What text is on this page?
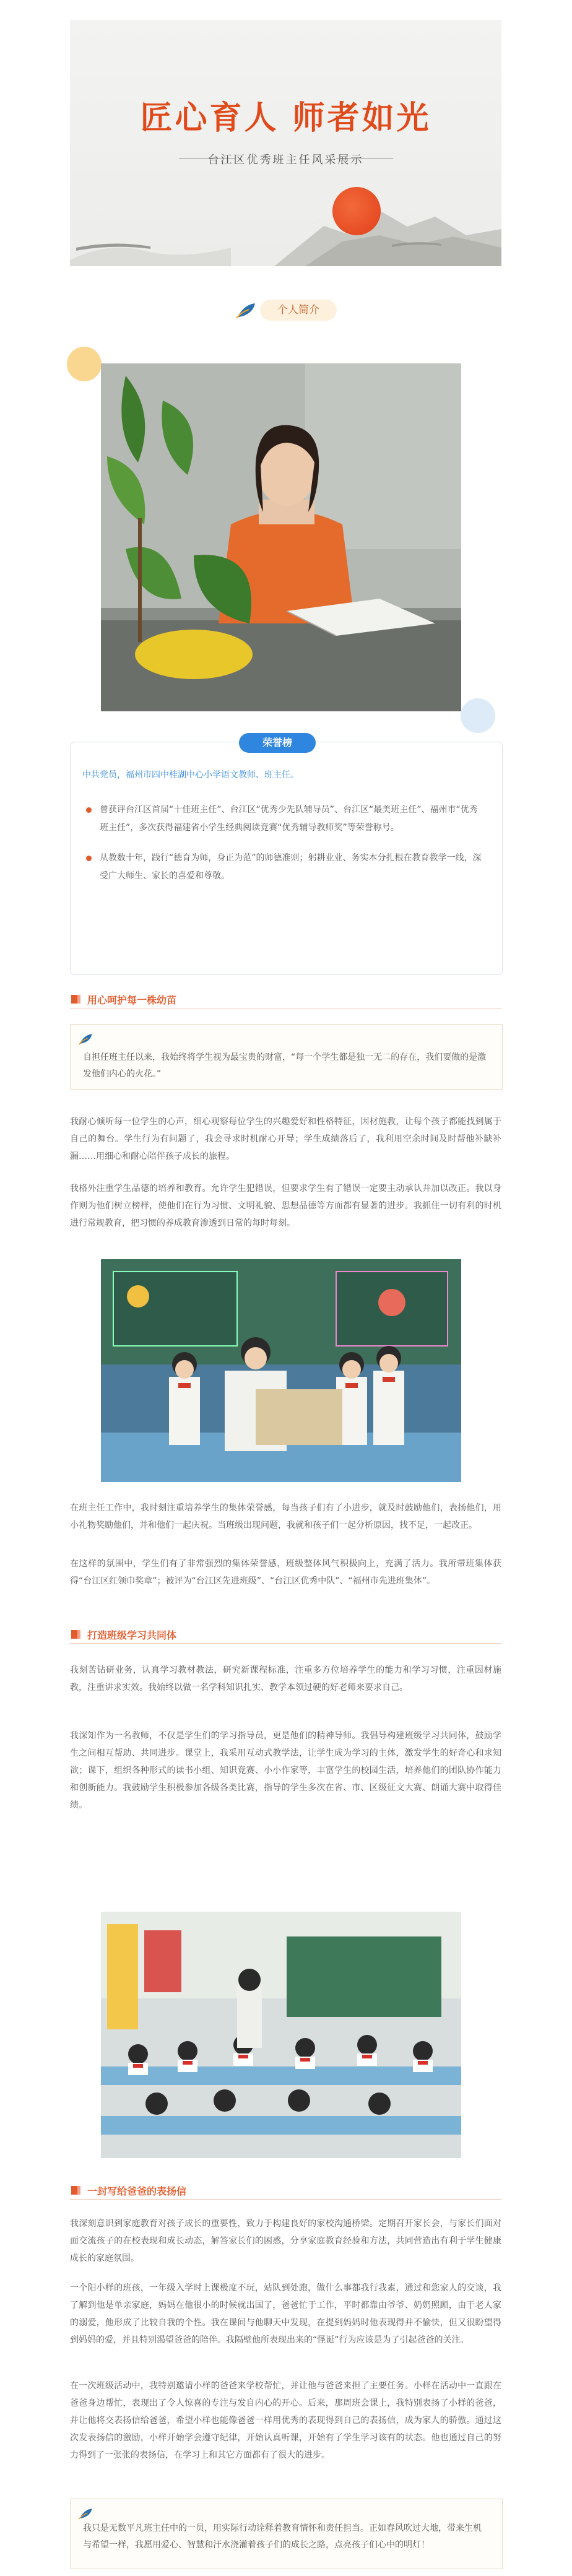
匠心育人 师者如光
台江区优秀班主任风采展示
个人简介
荣誉榜
中共党员，福州市四中桂湖中心小学语文教师、班主任。
曾获评台江区首届“十佳班主任”、台江区“优秀少先队辅导员”、台江区“最美班主任”、福州市“优秀班主任”，多次获得福建省小学生经典阅读竞赛“优秀辅导教师奖”等荣誉称号。
从教数十年，践行“德育为师，身正为范”的师德准则；躬耕业业、务实本分扎根在教育教学一线，深受广大师生、家长的喜爱和尊敬。
用心呵护每一株幼苗
自担任班主任以来，我始终将学生视为最宝贵的财富，“每一个学生都是独一无二的存在，我们要做的是激发他们内心的火花。”

我耐心倾听每一位学生的心声，细心观察每位学生的兴趣爱好和性格特征，因材施教，让每个孩子都能找到属于自己的舞台。学生行为有问题了，我会寻求时机耐心开导；学生成绩落后了，我利用空余时间及时帮他补缺补漏……用细心和耐心陪伴孩子成长的旅程。

我格外注重学生品德的培养和教育。允许学生犯错误，但要求学生有了错误一定要主动承认并加以改正。我以身作则为他们树立榜样，使他们在行为习惯、文明礼貌、思想品德等方面都有显著的进步。我抓住一切有利的时机进行常规教育，把习惯的养成教育渗透到日常的每时每刻。

在班主任工作中，我时刻注重培养学生的集体荣誉感，每当孩子们有了小进步，就及时鼓励他们，表扬他们，用小礼物奖励他们，并和他们一起庆祝。当班级出现问题，我就和孩子们一起分析原因，找不足，一起改正。

在这样的氛围中，学生们有了非常强烈的集体荣誉感，班级整体风气积极向上，充满了活力。我所带班集体获得“台江区红领巾奖章”；被评为“台江区先进班级”、“台江区优秀中队”、“福州市先进班集体”。

打造班级学习共同体

我刻苦钻研业务，认真学习教材教法，研究新课程标准，注重多方位培养学生的能力和学习习惯，注重因材施教，注重讲求实效。我始终以做一名学科知识扎实、教学本领过硬的好老师来要求自己。

我深知作为一名教师，不仅是学生们的学习指导员，更是他们的精神导师。我倡导构建班级学习共同体，鼓励学生之间相互帮助、共同进步。课堂上，我采用互动式教学法，让学生成为学习的主体，激发学生的好奇心和求知欲；课下，组织各种形式的读书小组、知识竞赛、小小作家等，丰富学生的校园生活，培养他们的团队协作能力和创新能力。我鼓励学生积极参加各级各类比赛，指导的学生多次在省、市、区级征文大赛、朗诵大赛中取得佳绩。

一封写给爸爸的表扬信

我深刻意识到家庭教育对孩子成长的重要性，致力于构建良好的家校沟通桥梁。定期召开家长会，与家长们面对面交流孩子的在校表现和成长动态，解答家长们的困惑，分享家庭教育经验和方法，共同营造出有利于学生健康成长的家庭氛围。

一个阳小样的班孩，一年级入学时上课极度不玩，站队到处跑，做什么事都我行我素，通过和您家人的交谈，我了解到他是单亲家庭，妈妈在他很小的时候就出国了，爸爸忙于工作，平时都靠由爷爷、奶奶照顾，由于老人家的溺爱，他形成了比较自我的个性。我在课间与他聊天中发现，在提到妈妈时他表现得并不愉快，但又很盼望得到妈妈的爱，并且特别渴望爸爸的陪伴。我隔壁他所表现出来的“怪诞”行为应该是为了引起爸爸的关注。

在一次班级活动中，我特别邀请小样的爸爸来学校帮忙，并让他与爸爸来担了主要任务。小样在活动中一直跟在爸爸身边帮忙，表现出了令人惊喜的专注与发自内心的开心。后来，那周班会课上，我特别表扬了小样的爸爸，并让他将交表扬信给爸爸，希望小样也能像爸爸一样用优秀的表现得到自己的表扬信，成为家人的骄傲。通过这次发表扬信的激励，小样开始学会遵守纪律，开始认真听课，开始有了学生学习该有的状态。他也通过自己的努力得到了一张张的表扬信，在学习上和其它方面都有了很大的进步。

我只是无数平凡班主任中的一员，用实际行动诠释着教育情怀和责任担当。正如春风吹过大地，带来生机与希望一样，我愿用爱心、智慧和汗水浇灌着孩子们的成长之路，点亮孩子们心中的明灯！
